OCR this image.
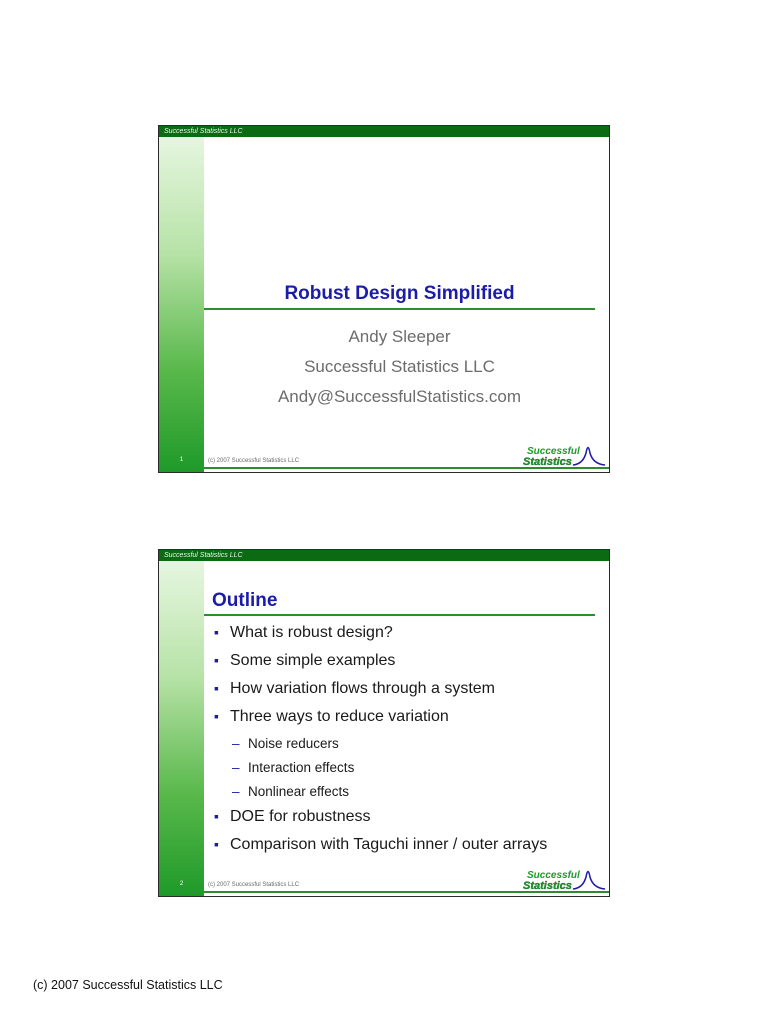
Successful Statistics LLC
Robust Design Simplified
Andy Sleeper
Successful Statistics LLC
Andy@SuccessfulStatistics.com
1	(c) 2007 Successful Statistics LLC
Successful
Statistics
Successful Statistics LLC
Outline
▪ What is robust design?
▪ Some simple examples
▪ How variation flows through a system
▪ Three ways to reduce variation
– Noise reducers
– Interaction effects
– Nonlinear effects
▪ DOE for robustness
▪ Comparison with Taguchi inner / outer arrays
2	(c) 2007 Successful Statistics LLC
Successful
Statistics
(c) 2007 Successful Statistics LLC
